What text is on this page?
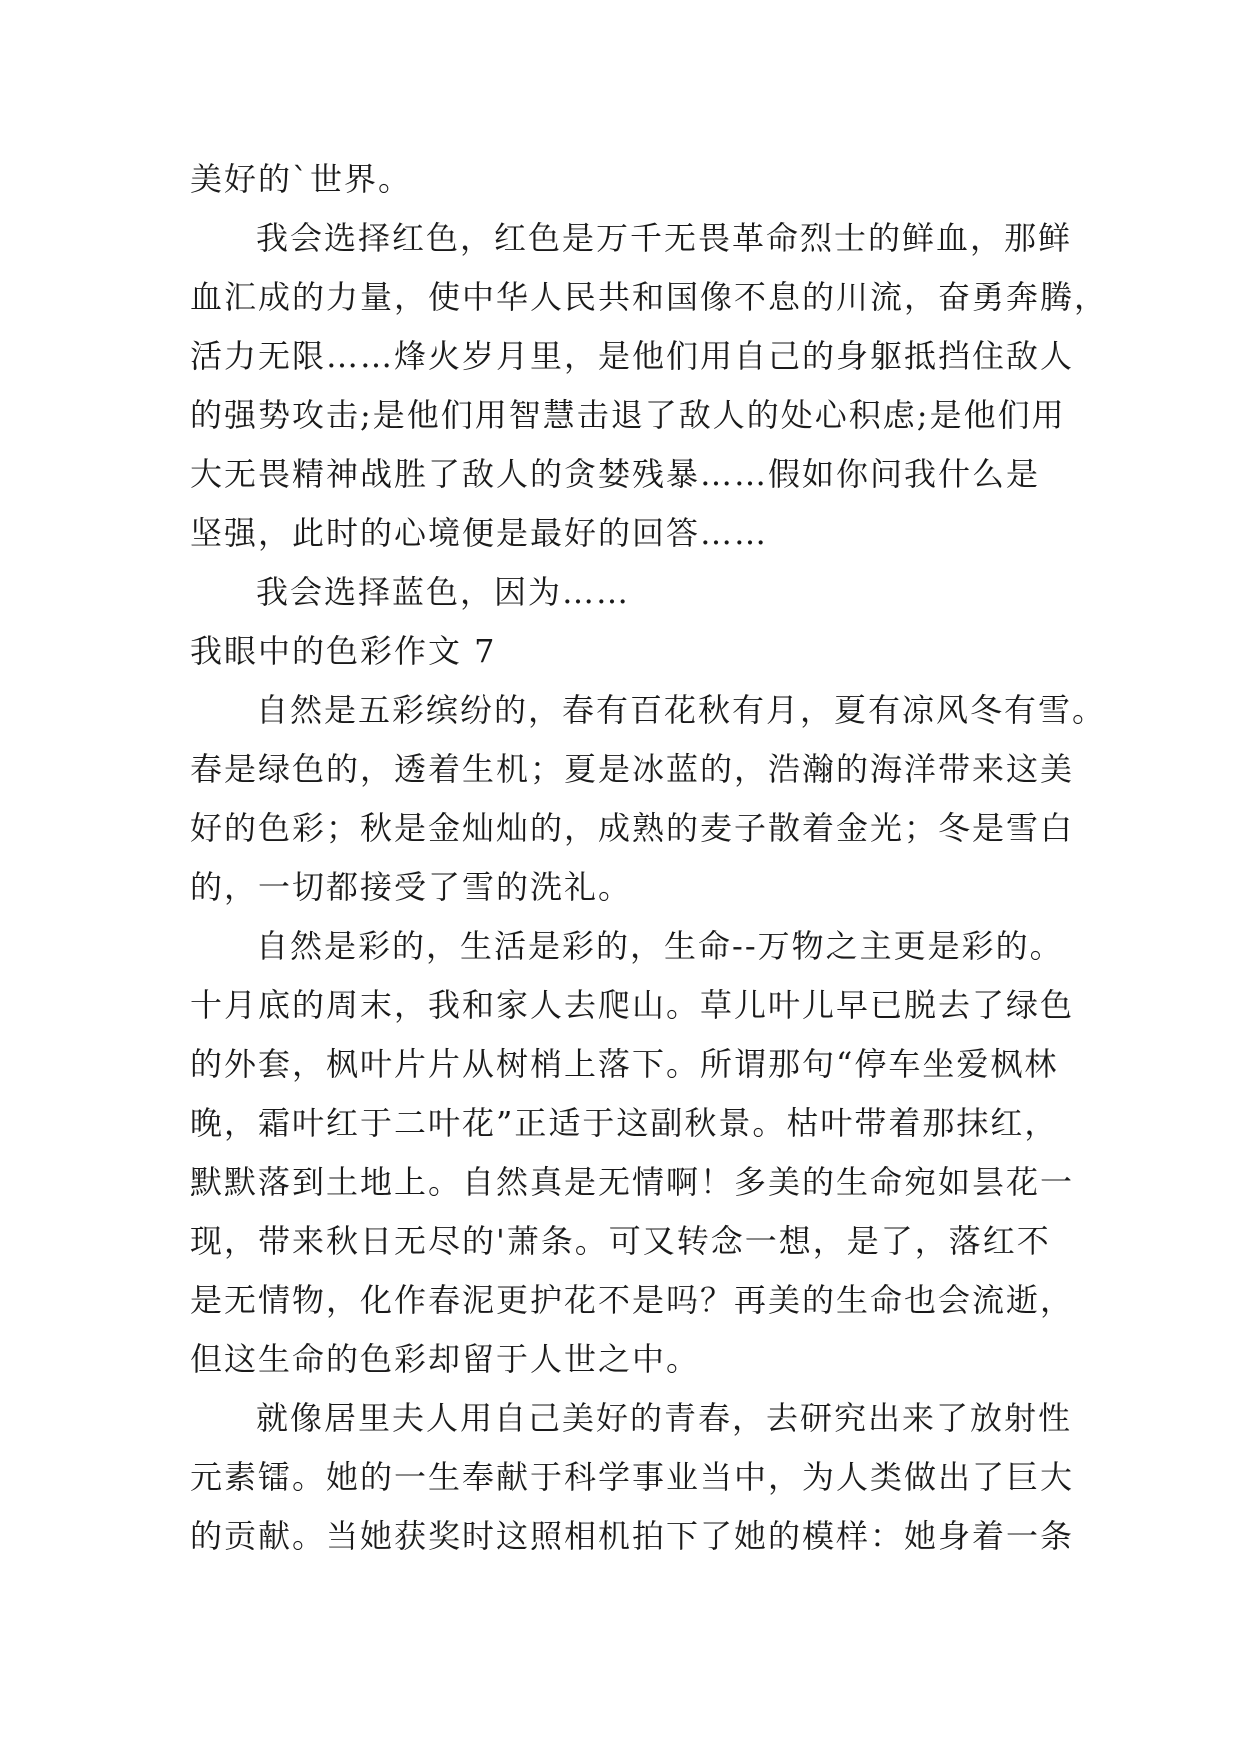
美好的`世界。
我会选择红色，红色是万千无畏革命烈士的鲜血，那鲜
血汇成的力量，使中华人民共和国像不息的川流，奋勇奔腾，
活力无限……烽火岁月里，是他们用自己的身躯抵挡住敌人
的强势攻击;是他们用智慧击退了敌人的处心积虑;是他们用
大无畏精神战胜了敌人的贪婪残暴……假如你问我什么是
坚强，此时的心境便是最好的回答……
我会选择蓝色，因为……
我眼中的色彩作文 7
自然是五彩缤纷的，春有百花秋有月，夏有凉风冬有雪。
春是绿色的，透着生机；夏是冰蓝的，浩瀚的海洋带来这美
好的色彩；秋是金灿灿的，成熟的麦子散着金光；冬是雪白
的，一切都接受了雪的洗礼。
自然是彩的，生活是彩的，生命--万物之主更是彩的。
十月底的周末，我和家人去爬山。草儿叶儿早已脱去了绿色
的外套，枫叶片片从树梢上落下。所谓那句“停车坐爱枫林
晚，霜叶红于二叶花”正适于这副秋景。枯叶带着那抹红，
默默落到土地上。自然真是无情啊！多美的生命宛如昙花一
现，带来秋日无尽的'萧条。可又转念一想，是了，落红不
是无情物，化作春泥更护花不是吗？再美的生命也会流逝，
但这生命的色彩却留于人世之中。
就像居里夫人用自己美好的青春，去研究出来了放射性
元素镭。她的一生奉献于科学事业当中，为人类做出了巨大
的贡献。当她获奖时这照相机拍下了她的模样：她身着一条
